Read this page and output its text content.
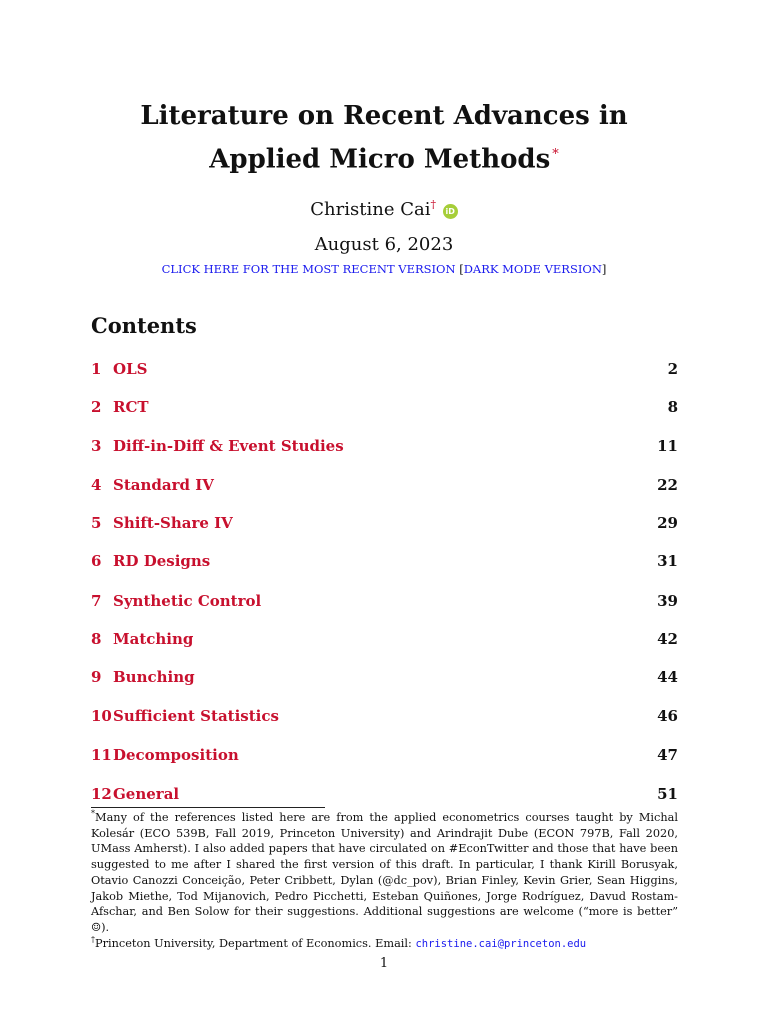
Literature on Recent Advances in
Applied Micro Methods *
Christine Cai† iD
August 6, 2023
CLICK HERE FOR THE MOST RECENT VERSION [DARK MODE VERSION]
Contents
1 OLS	2
2 RCT	8
3 Diff-in-Diff & Event Studies	11
4 Standard IV	22
5 Shift-Share IV	29
6 RD Designs	31
7 Synthetic Control	39
8 Matching	42
9 Bunching	44
10 Sufficient Statistics	46
11 Decomposition	47
12 General	51

*Many of the references listed here are from the applied econometrics courses taught by Michal Kolesár (ECO 539B, Fall 2019, Princeton University) and Arindrajit Dube (ECON 797B, Fall 2020, UMass Amherst). I also added papers that have circulated on #EconTwitter and those that have been suggested to me after I shared the first version of this draft. In particular, I thank Kirill Borusyak, Otavio Canozzi Conceição, Peter Cribbett, Dylan (@dc_pov), Brian Finley, Kevin Grier, Sean Higgins, Jakob Miethe, Tod Mijanovich, Pedro Picchetti, Esteban Quiñones, Jorge Rodríguez, Davud Rostam-Afschar, and Ben Solow for their suggestions. Additional suggestions are welcome (“more is better” ☺).

†Princeton University, Department of Economics. Email: christine.cai@princeton.edu

1
